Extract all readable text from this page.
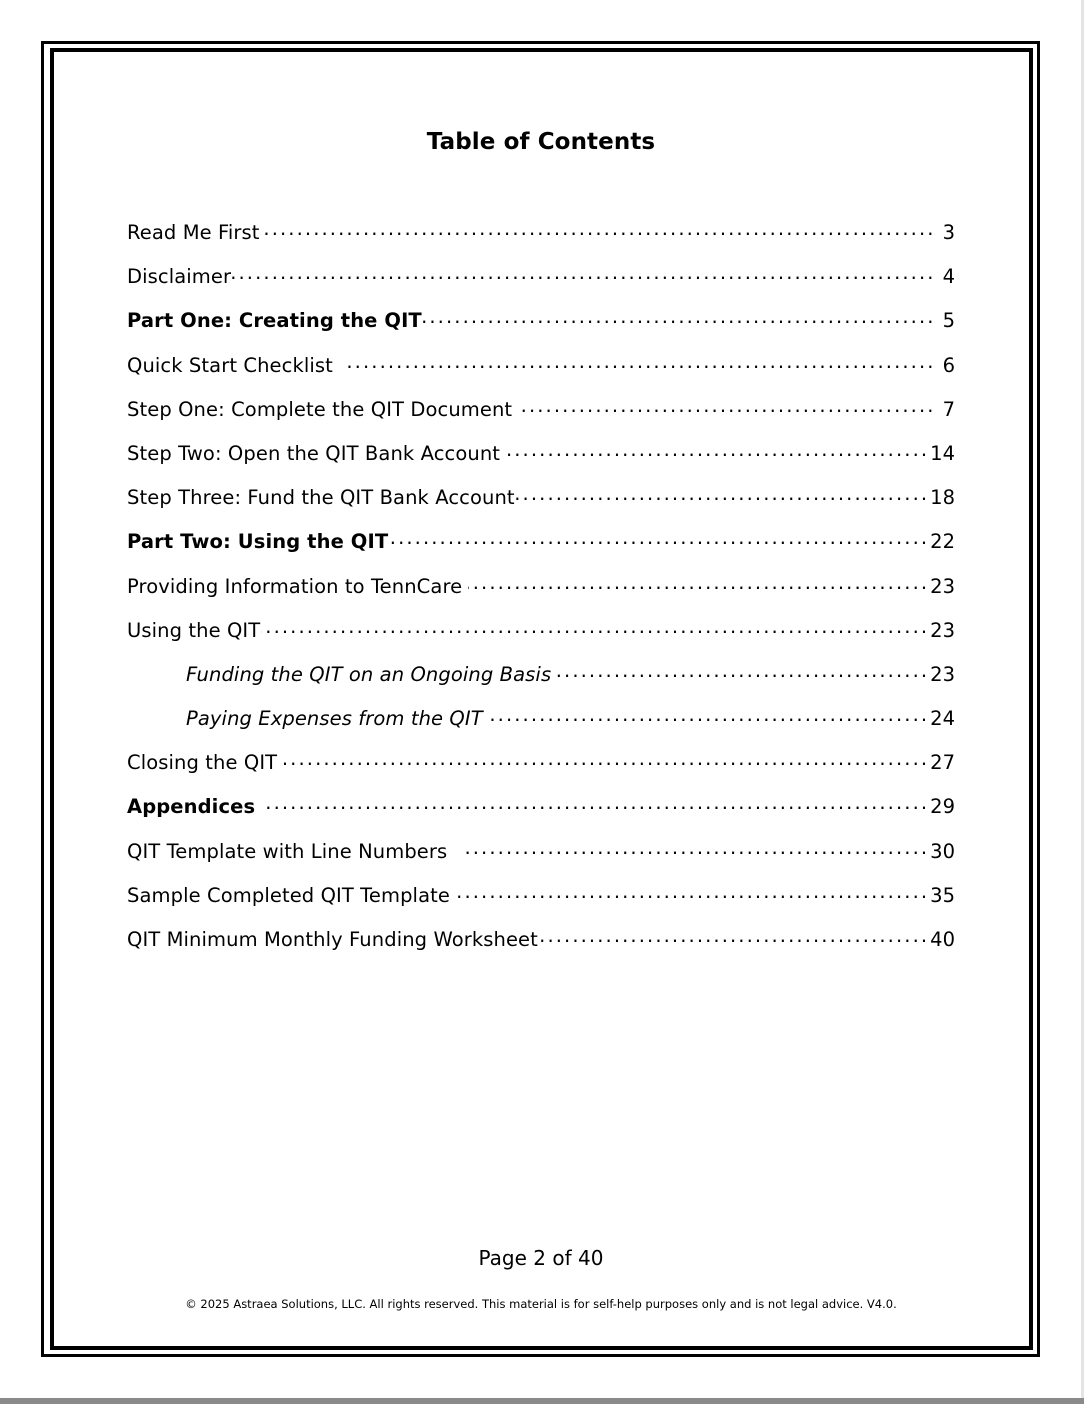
Table of Contents
Read Me First .....	3
Disclaimer .....	4
Part One: Creating the QIT .....	5
Quick Start Checklist .....	6
Step One: Complete the QIT Document .....	7
Step Two: Open the QIT Bank Account .....	14
Step Three: Fund the QIT Bank Account .....	18
Part Two: Using the QIT .....	22
Providing Information to TennCare .....	23
Using the QIT .....	23
Funding the QIT on an Ongoing Basis .....	23
Paying Expenses from the QIT .....	24
Closing the QIT .....	27
Appendices .....	29
QIT Template with Line Numbers .....	30
Sample Completed QIT Template .....	35
QIT Minimum Monthly Funding Worksheet .....	40
Page 2 of 40
© 2025 Astraea Solutions, LLC. All rights reserved. This material is for self-help purposes only and is not legal advice. V4.0.
